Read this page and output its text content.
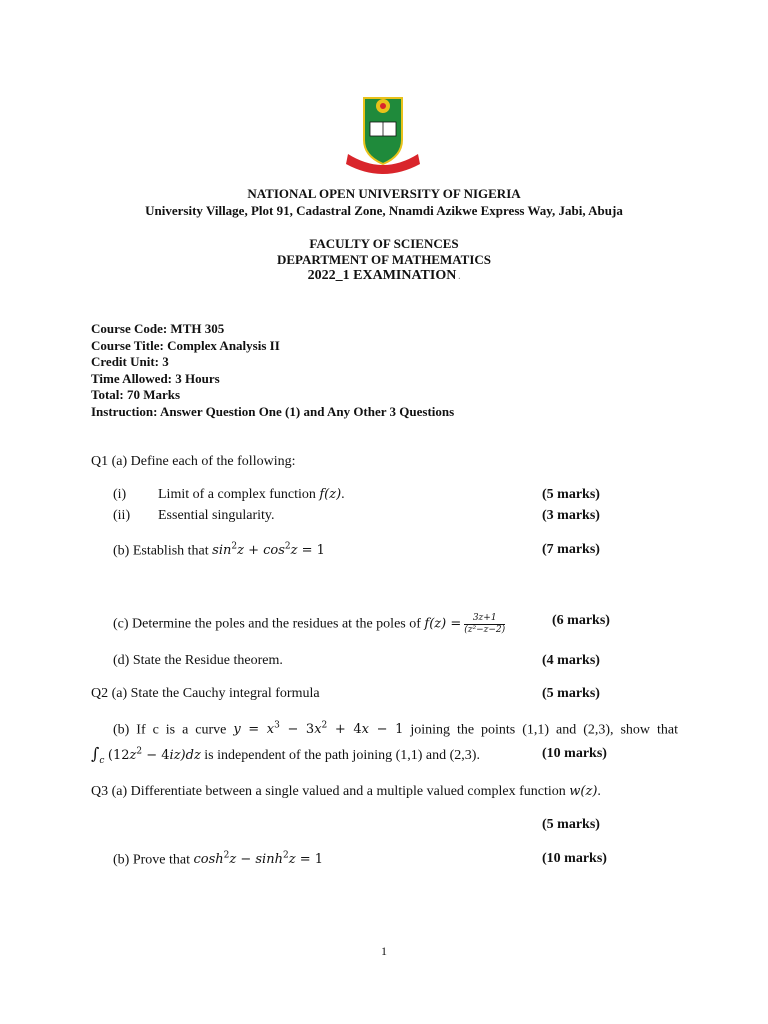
NATIONAL OPEN UNIVERSITY OF NIGERIA
University Village, Plot 91, Cadastral Zone, Nnamdi Azikwe Express Way, Jabi, Abuja
FACULTY OF SCIENCES
DEPARTMENT OF MATHEMATICS
2022_1 EXAMINATION .
Course Code: MTH 305
Course Title: Complex Analysis II
Credit Unit: 3
Time Allowed: 3 Hours
Total: 70 Marks
Instruction: Answer Question One (1) and Any Other 3 Questions
Q1 (a) Define each of the following:
(i) Limit of a complex function f(z).	(5 marks)
(ii) Essential singularity.	(3 marks)
(b) Establish that $\sin^2z + \cos^2z = 1$	(7 marks)
(c) Determine the poles and the residues at the poles of $f(z) = \frac{3z+1}{\text{(z²−z−2)}}$	(6 marks)
(d) State the Residue theorem.	(4 marks)
Q2 (a) State the Cauchy integral formula	(5 marks)
(b) If c is a curve $y = x^3 - 3x^2 + 4x - 1$ joining the points (1,1) and (2,3), show that
$\int_c$ $(12z^2 - 4iz)dz$ is independent of the path joining (1,1) and (2,3).	(10 marks)
Q3 (a) Differentiate between a single valued and a multiple valued complex function w(z).
(5 marks)
(b) Prove that $\cosh^2z - \sinh^2z = 1$	(10 marks)
1
